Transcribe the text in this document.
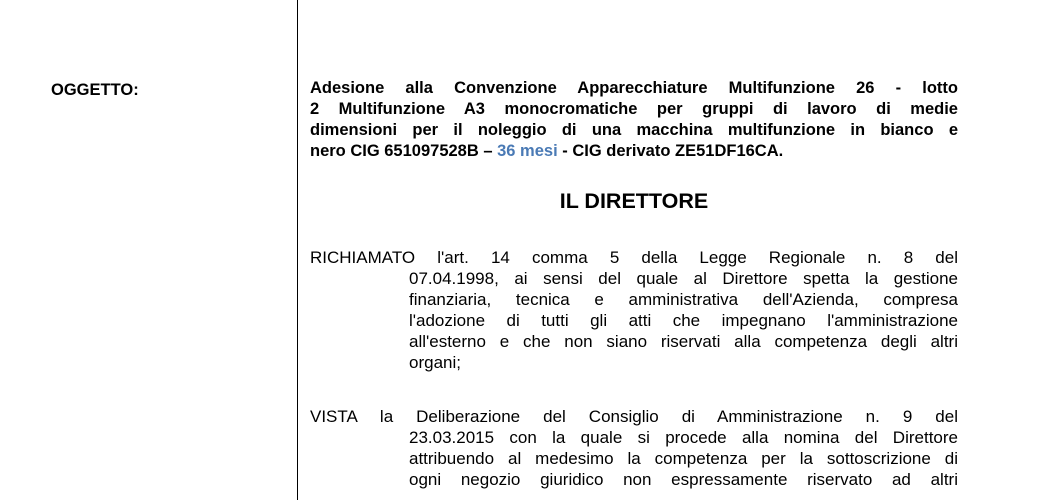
OGGETTO:	Adesione alla Convenzione Apparecchiature Multifunzione 26 - lotto
2 Multifunzione A3 monocromatiche per gruppi di lavoro di medie
dimensioni per il noleggio di una macchina multifunzione in bianco e
nero CIG 651097528B – 36 mesi - CIG derivato ZE51DF16CA.
IL DIRETTORE
RICHIAMATO l'art. 14 comma 5 della Legge Regionale n. 8 del
07.04.1998, ai sensi del quale al Direttore spetta la gestione
finanziaria, tecnica e amministrativa dell'Azienda, compresa
l'adozione di tutti gli atti che impegnano l'amministrazione
all'esterno e che non siano riservati alla competenza degli altri
organi;
VISTA la Deliberazione del Consiglio di Amministrazione n. 9 del
23.03.2015 con la quale si procede alla nomina del Direttore
attribuendo al medesimo la competenza per la sottoscrizione di
ogni negozio giuridico non espressamente riservato ad altri
